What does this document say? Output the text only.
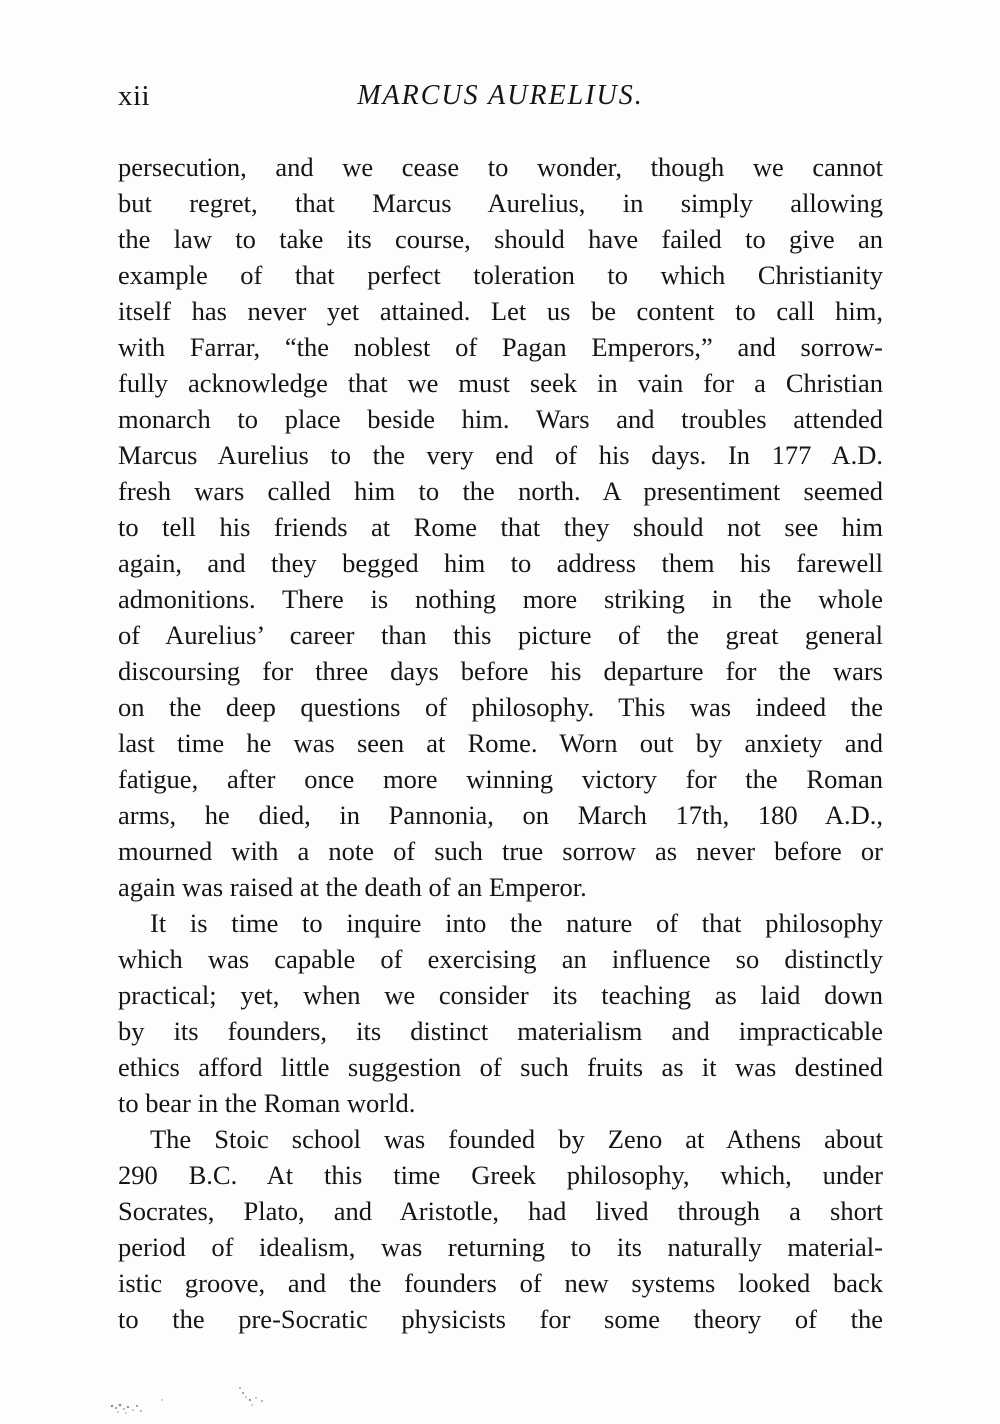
xii	MARCUS AURELIUS.
persecution, and we cease to wonder, though we cannot
but regret, that Marcus Aurelius, in simply allowing
the law to take its course, should have failed to give an
example of that perfect toleration to which Christianity
itself has never yet attained. Let us be content to call him,
with Farrar, “the noblest of Pagan Emperors,” and sorrow-
fully acknowledge that we must seek in vain for a Christian
monarch to place beside him. Wars and troubles attended
Marcus Aurelius to the very end of his days. In 177 A.D.
fresh wars called him to the north. A presentiment seemed
to tell his friends at Rome that they should not see him
again, and they begged him to address them his farewell
admonitions. There is nothing more striking in the whole
of Aurelius’ career than this picture of the great general
discoursing for three days before his departure for the wars
on the deep questions of philosophy. This was indeed the
last time he was seen at Rome. Worn out by anxiety and
fatigue, after once more winning victory for the Roman
arms, he died, in Pannonia, on March 17th, 180 A.D.,
mourned with a note of such true sorrow as never before or
again was raised at the death of an Emperor.
It is time to inquire into the nature of that philosophy
which was capable of exercising an influence so distinctly
practical; yet, when we consider its teaching as laid down
by its founders, its distinct materialism and impracticable
ethics afford little suggestion of such fruits as it was destined
to bear in the Roman world.
The Stoic school was founded by Zeno at Athens about
290 B.C. At this time Greek philosophy, which, under
Socrates, Plato, and Aristotle, had lived through a short
period of idealism, was returning to its naturally material-
istic groove, and the founders of new systems looked back
to the pre-Socratic physicists for some theory of the
